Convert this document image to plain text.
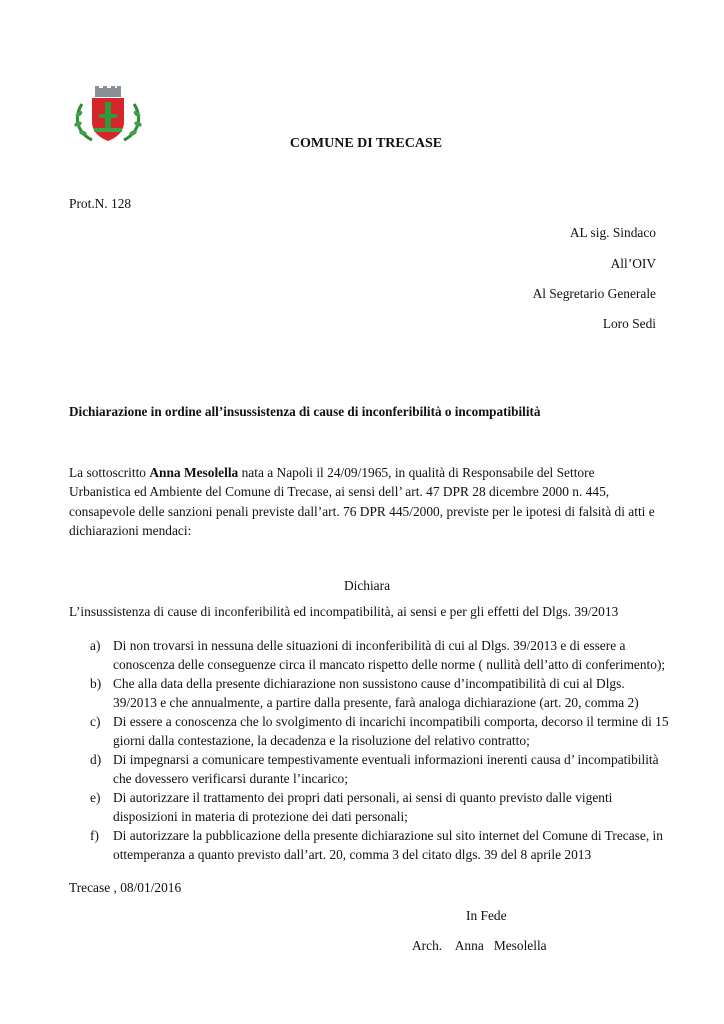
COMUNE DI TRECASE
Prot.N. 128
AL sig. Sindaco
All’OIV
Al Segretario Generale
Loro Sedi
Dichiarazione in ordine all’insussistenza di cause di inconferibilità o incompatibilità
La sottoscritto Anna Mesolella nata a Napoli il 24/09/1965, in qualità di Responsabile del Settore Urbanistica ed Ambiente del Comune di Trecase, ai sensi dell’ art. 47 DPR 28 dicembre 2000 n. 445, consapevole delle sanzioni penali previste dall’art. 76 DPR 445/2000, previste per le ipotesi di falsità di atti e dichiarazioni mendaci:
Dichiara
L’insussistenza di cause di inconferibilità ed incompatibilità, ai sensi e per gli effetti del Dlgs. 39/2013
a) Di non trovarsi in nessuna delle situazioni di inconferibilità di cui al Dlgs. 39/2013 e di essere a conoscenza delle conseguenze circa il mancato rispetto delle norme ( nullità dell’atto di conferimento);
b) Che alla data della presente dichiarazione non sussistono cause d’incompatibilità di cui al Dlgs. 39/2013 e che annualmente, a partire dalla presente, farà analoga dichiarazione (art. 20, comma 2)
c) Di essere a conoscenza che lo svolgimento di incarichi incompatibili comporta, decorso il termine di 15 giorni dalla contestazione, la decadenza e la risoluzione del relativo contratto;
d) Di impegnarsi a comunicare tempestivamente eventuali informazioni inerenti causa d’ incompatibilità che dovessero verificarsi durante l’incarico;
e) Di autorizzare il trattamento dei propri dati personali, ai sensi di quanto previsto dalle vigenti disposizioni in materia di protezione dei dati personali;
f) Di autorizzare la pubblicazione della presente dichiarazione sul sito internet del Comune di Trecase, in ottemperanza a quanto previsto dall’art. 20, comma 3 del citato dlgs. 39 del 8 aprile 2013
Trecase , 08/01/2016
In Fede
Arch.    Anna   Mesolella
